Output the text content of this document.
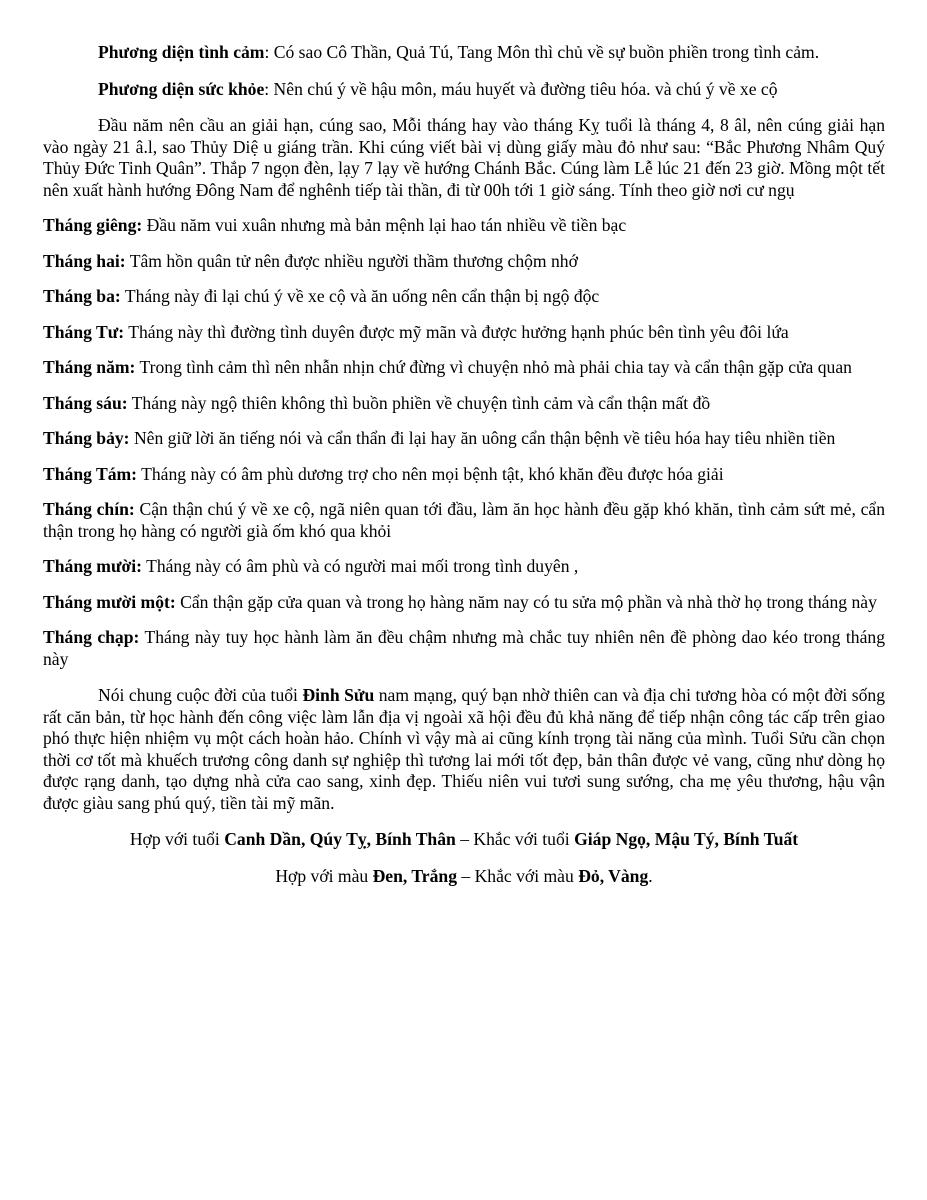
Phương diện tình cảm: Có sao Cô Thần, Quả Tú, Tang Môn thì chủ về sự buồn phiền trong tình cảm.

Phương diện sức khỏe: Nên chú ý về hậu môn, máu huyết và đường tiêu hóa. và chú ý về xe cộ

Đầu năm nên cầu an giải hạn, cúng sao, Mỗi tháng hay vào tháng Kỵ tuổi là tháng 4, 8 âl, nên cúng giải hạn vào ngày 21 â.l, sao Thủy Diệ u giáng trần. Khi cúng viết bài vị dùng giấy màu đỏ như sau: “Bắc Phương Nhâm Quý Thủy Đức Tinh Quân”. Thắp 7 ngọn đèn, lạy 7 lạy về hướng Chánh Bắc. Cúng làm Lễ lúc 21 đến 23 giờ. Mồng một tết nên xuất hành hướng Đông Nam để nghênh tiếp tài thần, đi từ 00h tới 1 giờ sáng. Tính theo giờ nơi cư ngụ

Tháng giêng: Đầu năm vui xuân nhưng mà bản mệnh lại hao tán nhiều về tiền bạc

Tháng hai: Tâm hồn quân tử nên được nhiều người thầm thương chộm nhớ

Tháng ba: Tháng này đi lại chú ý về xe cộ và ăn uống nên cẩn thận bị ngộ độc

Tháng Tư: Tháng này thì đường tình duyên được mỹ mãn và được hưởng hạnh phúc bên tình yêu đôi lứa

Tháng năm: Trong tình cảm thì nên nhẫn nhịn chứ đừng vì chuyện nhỏ mà phải chia tay và cẩn thận gặp cửa quan

Tháng sáu: Tháng này ngộ thiên không thì buồn phiền về chuyện tình cảm và cẩn thận mất đồ

Tháng bảy: Nên giữ lời ăn tiếng nói và cẩn thẩn đi lại hay ăn uông cẩn thận bệnh về tiêu hóa hay tiêu nhiền tiền

Tháng Tám: Tháng này có âm phù dương trợ cho nên mọi bệnh tật, khó khăn đều được hóa giải

Tháng chín: Cận thận chú ý về xe cộ, ngã niên quan tới đầu, làm ăn học hành đều gặp khó khăn, tình cảm sứt mẻ, cẩn thận trong họ hàng có người già ốm khó qua khỏi

Tháng mười: Tháng này có âm phù và có người mai mối trong tình duyên ,

Tháng mười một: Cẩn thận gặp cửa quan và trong họ hàng năm nay có tu sửa mộ phần và nhà thờ họ trong tháng này

Tháng chạp: Tháng này tuy học hành làm ăn đều chậm nhưng mà chắc tuy nhiên nên đề phòng dao kéo trong tháng này

Nói chung cuộc đời của tuổi Đinh Sửu nam mạng, quý bạn nhờ thiên can và địa chi tương hòa có một đời sống rất căn bản, từ học hành đến công việc làm lẫn địa vị ngoài xã hội đều đủ khả năng để tiếp nhận công tác cấp trên giao phó thực hiện nhiệm vụ một cách hoàn hảo. Chính vì vậy mà ai cũng kính trọng tài năng của mình. Tuổi Sửu cần chọn thời cơ tốt mà khuếch trương công danh sự nghiệp thì tương lai mới tốt đẹp, bản thân được vẻ vang, cũng như dòng họ được rạng danh, tạo dựng nhà cửa cao sang, xinh đẹp. Thiếu niên vui tươi sung sướng, cha mẹ yêu thương, hậu vận được giàu sang phú quý, tiền tài mỹ mãn.

Hợp với tuổi Canh Dần, Qúy Tỵ, Bính Thân – Khắc với tuổi Giáp Ngọ, Mậu Tý, Bính Tuất

Hợp với màu Đen, Trắng – Khắc với màu Đỏ, Vàng.
